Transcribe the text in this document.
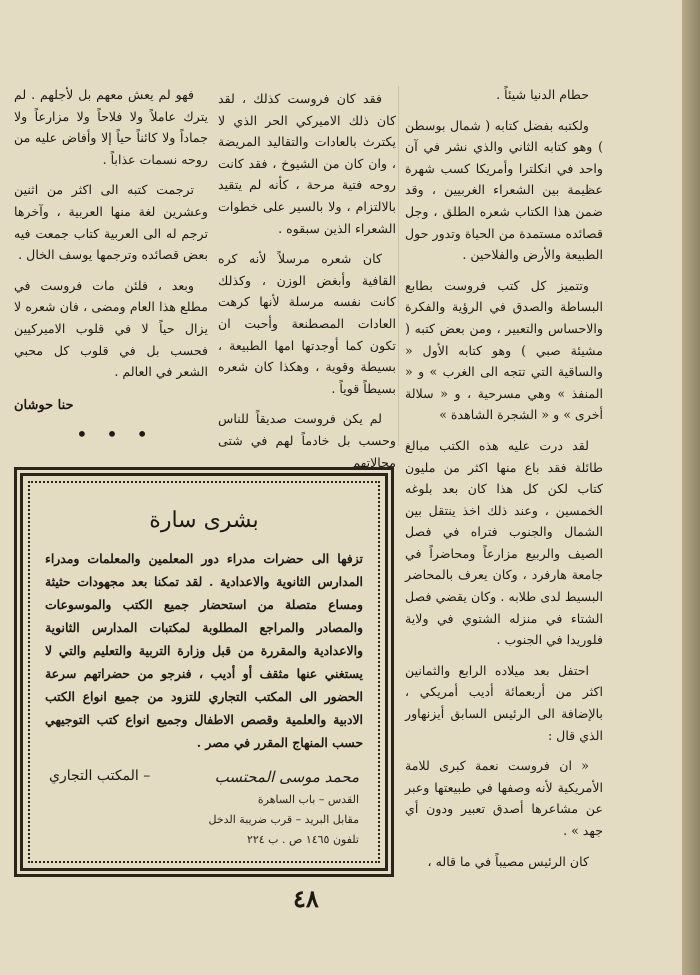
حطام الدنيا شيئاً .

ولكتبه بفضل كتابه ( شمال بوسطن ) وهو كتابه الثاني والذي نشر في آن واحد في انكلترا وأمريكا كسب شهرة عظيمة بين الشعراء الغربيين ، وقد ضمن هذا الكتاب شعره الطلق ، وجل قصائده مستمدة من الحياة وتدور حول الطبيعة والأرض والفلاحين .

وتتميز كل كتب فروست بطابع البساطة والصدق في الرؤية والفكرة والاحساس والتعبير ، ومن بعض كتبه ( مشيئة صبي ) وهو كتابه الأول « والساقية التي تتجه الى الغرب » و « المنفذ » وهي مسرحية ، و « سلالة أخرى » و « الشجرة الشاهدة »

لقد درت عليه هذه الكتب مبالغ طائلة فقد باع منها اكثر من مليون كتاب لكن كل هذا كان بعد بلوغه الخمسين ، وعند ذلك اخذ ينتقل بين الشمال والجنوب فتراه في فصل الصيف والربيع مزارعاً ومحاضراً في جامعة هارفرد ، وكان يعرف بالمحاضر البسيط لدى طلابه . وكان يقضي فصل الشتاء في منزله الشتوي في ولاية فلوريدا في الجنوب .

احتفل بعد ميلاده الرابع والثمانين اكثر من أربعمائة أديب أمريكي ، بالإضافة الى الرئيس السابق أيزنهاور الذي قال :

« ان فروست نعمة كبرى للامة الأمريكية لأنه وصفها في طبيعتها وعبر عن مشاعرها أصدق تعبير ودون أي جهد » .

كان الرئيس مصيباً في ما قاله ،

فقد كان فروست كذلك ، لقد كان ذلك الاميركي الحر الذي لا يكترث بالعادات والتقاليد المريضة ، وان كان من الشيوخ ، فقد كانت روحه فتية مرحة ، كأنه لم يتقيد بالالتزام ، ولا بالسير على خطوات الشعراء الذين سبقوه .

كان شعره مرسلاً لأنه كره القافية وأبغض الوزن ، وكذلك كانت نفسه مرسلة لأنها كرهت العادات المصطنعة وأحبت ان تكون كما أوجدتها امها الطبيعة ، بسيطة وقوية ، وهكذا كان شعره بسيطاً قوياً .

لم يكن فروست صديقاً للناس وحسب بل خادماً لهم في شتى مجالاتهم

فهو لم يعش معهم بل لأجلهم . لم يترك عاملاً ولا فلاحاً ولا مزارعاً ولا جماداً ولا كائناً حياً إلا وأفاض عليه من روحه نسمات عذاباً .

ترجمت كتبه الى اكثر من اثنين وعشرين لغة منها العربية ، وآخرها ترجم له الى العربية كتاب جمعت فيه بعض قصائده وترجمها يوسف الخال .

وبعد ، فلئن مات فروست في مطلع هذا العام ومضى ، فان شعره لا يزال حياً لا في قلوب الاميركيين فحسب بل في قلوب كل محبي الشعر في العالم .

حنا حوشان

• • •
بشرى سارة
تزفها الى حضرات مدراء دور المعلمين والمعلمات ومدراء المدارس الثانوية والاعدادية . لقد تمكنا بعد مجهودات حثيثة ومساع متصلة من استحضار جميع الكتب والموسوعات والمصادر والمراجع المطلوبة لمكتبات المدارس الثانوية والاعدادية والمقررة من قبل وزارة التربية والتعليم والتي لا يستغني عنها مثقف أو أديب ، فنرجو من حضراتهم سرعة الحضور الى المكتب التجاري للتزود من جميع انواع الكتب الادبية والعلمية وقصص الاطفال وجميع انواع كتب التوجيهي حسب المنهاج المقرر في مصر .
محمد موسى المحتسب
– المكتب التجاري
القدس – باب الساهرة
مقابل البريد – قرب ضريبة الدخل
تلفون ١٤٦٥ ص . ب ٢٢٤
٤٨
